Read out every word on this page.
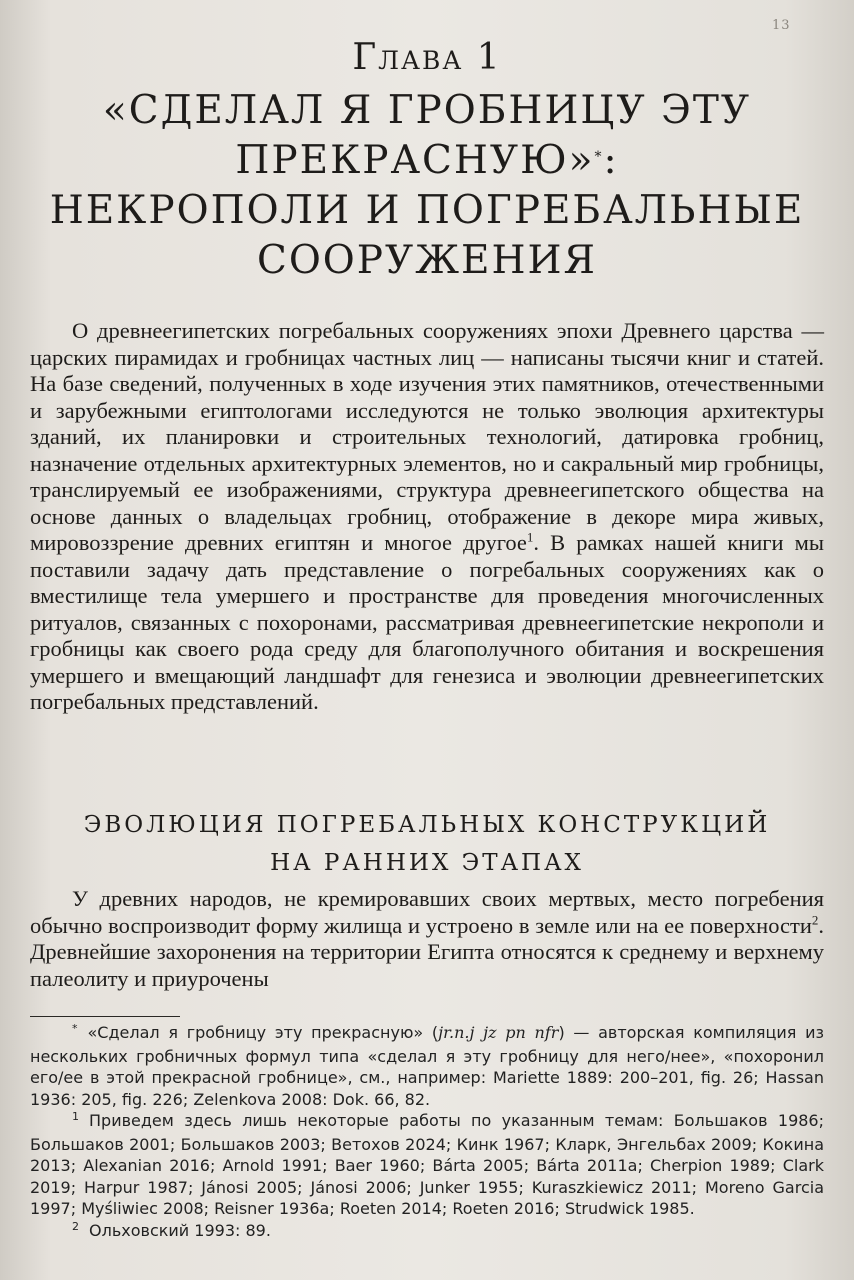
13
Глава 1
«СДЕЛАЛ Я ГРОБНИЦУ ЭТУ
ПРЕКРАСНУЮ»*:
НЕКРОПОЛИ И ПОГРЕБАЛЬНЫЕ
СООРУЖЕНИЯ

О древнеегипетских погребальных сооружениях эпохи Древнего царства — царских пирамидах и гробницах частных лиц — написаны тысячи книг и статей. На базе сведений, полученных в ходе изучения этих памятников, отечественными и зарубежными египтологами исследуются не только эволюция архитектуры зданий, их планировки и строительных технологий, датировка гробниц, назначение отдельных архитектурных элементов, но и сакральный мир гробницы, транслируемый ее изображениями, структура древнеегипетского общества на основе данных о владельцах гробниц, отображение в декоре мира живых, мировоззрение древних египтян и многое другое$^1$. В рамках нашей книги мы поставили задачу дать представление о погребальных сооружениях как о вместилище тела умершего и пространстве для проведения многочисленных ритуалов, связанных с похоронами, рассматривая древнеегипетские некрополи и гробницы как своего рода среду для благополучного обитания и воскрешения умершего и вмещающий ландшафт для генезиса и эволюции древнеегипетских погребальных представлений.

ЭВОЛЮЦИЯ ПОГРЕБАЛЬНЫХ КОНСТРУКЦИЙ
НА РАННИХ ЭТАПАХ

У древних народов, не кремировавших своих мертвых, место погребения обычно воспроизводит форму жилища и устроено в земле или на ее поверхности$^2$. Древнейшие захоронения на территории Египта относятся к среднему и верхнему палеолиту и приурочены

* «Сделал я гробницу эту прекрасную» (jr.n.j jz pn nfr) — авторская компиляция из нескольких гробничных формул типа «сделал я эту гробницу для него/нее», «похоронил его/ее в этой прекрасной гробнице», см., например: Mariette 1889: 200–201, fig. 26; Hassan 1936: 205, fig. 226; Zelenkova 2008: Dok. 66, 82.

$^1$ Приведем здесь лишь некоторые работы по указанным темам: Большаков 1986; Большаков 2001; Большаков 2003; Ветохов 2024; Кинк 1967; Кларк, Энгельбах 2009; Кокина 2013; Alexanian 2016; Arnold 1991; Baer 1960; Bárta 2005; Bárta 2011a; Cherpion 1989; Clark 2019; Harpur 1987; Jánosi 2005; Jánosi 2006; Junker 1955; Kuraszkiewicz 2011; Moreno Garcia 1997; Myśliwiec 2008; Reisner 1936a; Roeten 2014; Roeten 2016; Strudwick 1985.

$^2$ Ольховский 1993: 89.
